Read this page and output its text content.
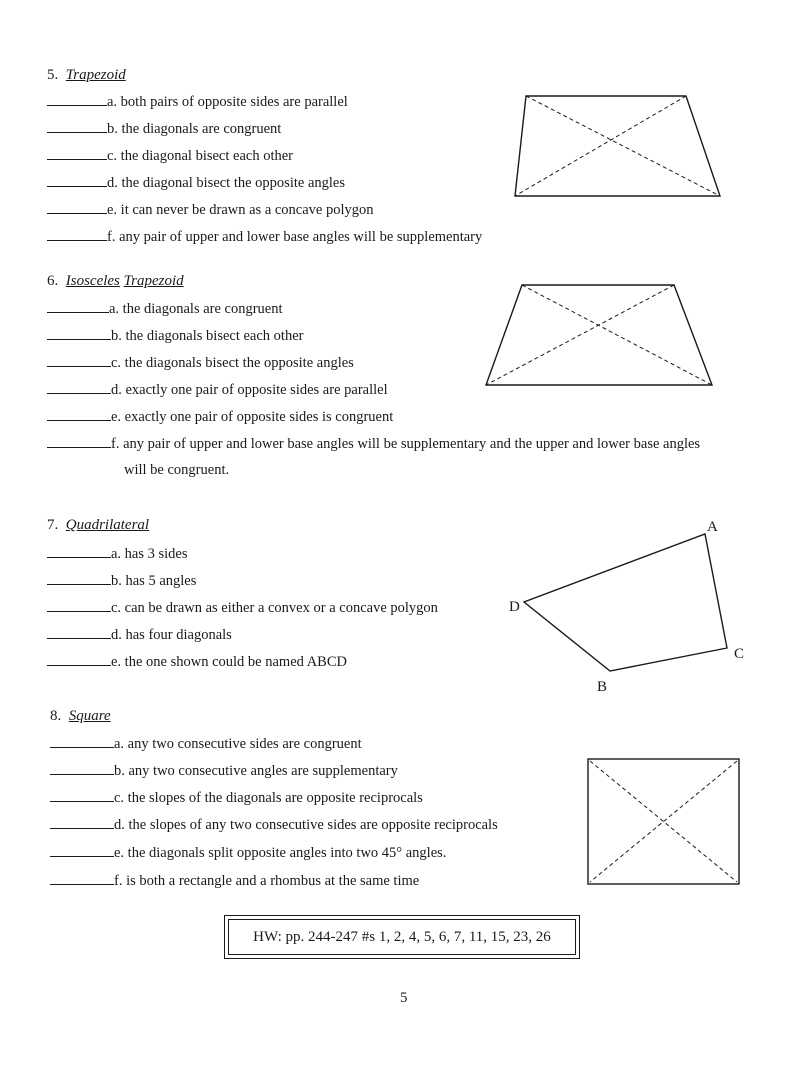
5. Trapezoid
a. both pairs of opposite sides are parallel
b. the diagonals are congruent
c. the diagonal bisect each other
d. the diagonal bisect the opposite angles
e. it can never be drawn as a concave polygon
f. any pair of upper and lower base angles will be supplementary
6. Isosceles Trapezoid
a. the diagonals are congruent
b. the diagonals bisect each other
c. the diagonals bisect the opposite angles
d. exactly one pair of opposite sides are parallel
e. exactly one pair of opposite sides is congruent
f. any pair of upper and lower base angles will be supplementary and the upper and lower base angles
will be congruent.
7. Quadrilateral
a. has 3 sides
b. has 5 angles
c. can be drawn as either a convex or a concave polygon
d. has four diagonals
e. the one shown could be named ABCD
A
B
C
D
8. Square
a. any two consecutive sides are congruent
b. any two consecutive angles are supplementary
c. the slopes of the diagonals are opposite reciprocals
d. the slopes of any two consecutive sides are opposite reciprocals
e. the diagonals split opposite angles into two 45° angles.
f. is both a rectangle and a rhombus at the same time
HW: pp. 244-247 #s 1, 2, 4, 5, 6, 7, 11, 15, 23, 26
5
